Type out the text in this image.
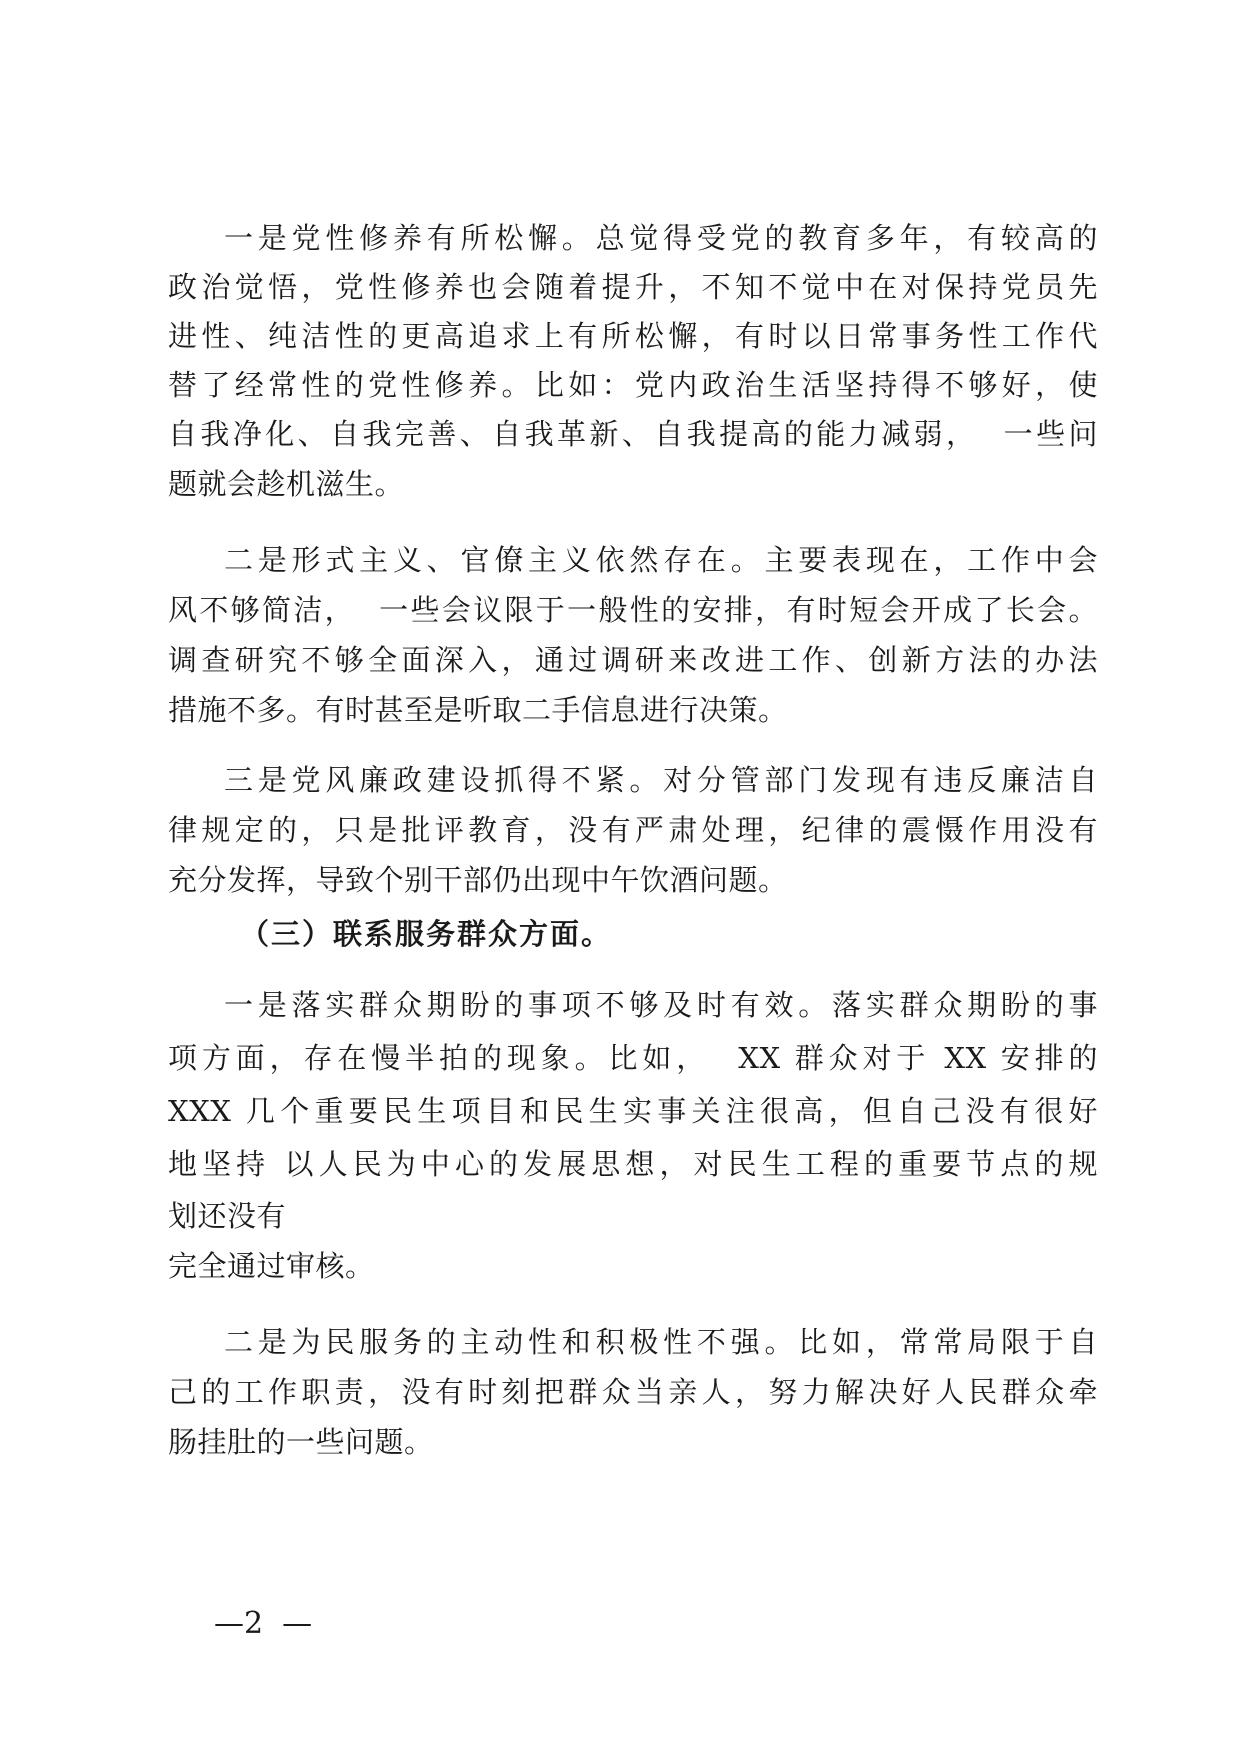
一是党性修养有所松懈。总觉得受党的教育多年，有较高的
政治觉悟，党性修养也会随着提升，不知不觉中在对保持党员先
进性、纯洁性的更高追求上有所松懈，有时以日常事务性工作代
替了经常性的党性修养。比如：党内政治生活坚持得不够好，使
自我净化、自我完善、自我革新、自我提高的能力减弱，  一些问
题就会趁机滋生。
二是形式主义、官僚主义依然存在。主要表现在，工作中会
风不够简洁，  一些会议限于一般性的安排，有时短会开成了长会。
调查研究不够全面深入，通过调研来改进工作、创新方法的办法
措施不多。有时甚至是听取二手信息进行决策。
三是党风廉政建设抓得不紧。对分管部门发现有违反廉洁自
律规定的，只是批评教育，没有严肃处理，纪律的震慑作用没有
充分发挥，导致个别干部仍出现中午饮酒问题。
（三）联系服务群众方面。
一是落实群众期盼的事项不够及时有效。落实群众期盼的事
项方面，存在慢半拍的现象。比如，  XX 群众对于 XX 安排的
XXX 几个重要民生项目和民生实事关注很高，但自己没有很好
地坚持 以人民为中心的发展思想，对民生工程的重要节点的规
划还没有
完全通过审核。
二是为民服务的主动性和积极性不强。比如，常常局限于自
己的工作职责，没有时刻把群众当亲人，努力解决好人民群众牵
肠挂肚的一些问题。
—2  —
